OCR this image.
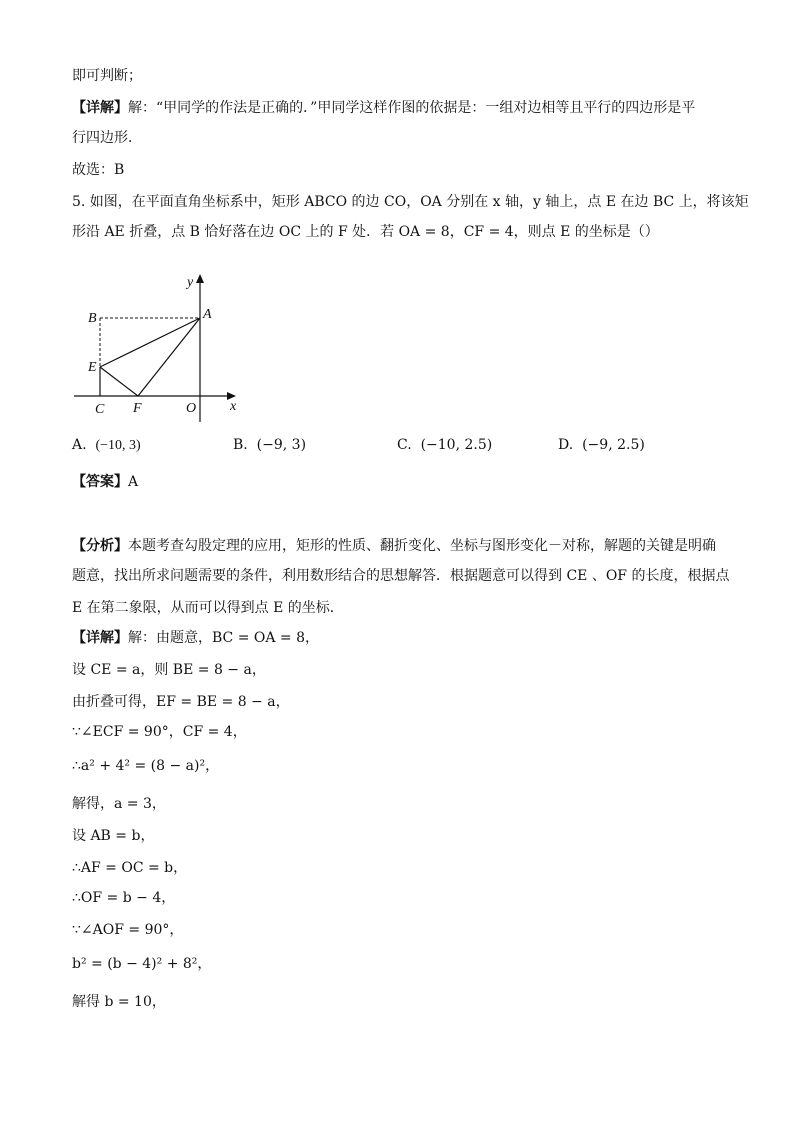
即可判断；
【详解】解：“甲同学的作法是正确的．”甲同学这样作图的依据是：一组对边相等且平行的四边形是平
行四边形．
故选：B
5. 如图，在平面直角坐标系中，矩形 ABCO 的边 CO，OA 分别在 x 轴，y 轴上，点 E 在边 BC 上，将该矩
形沿 AE 折叠，点 B 恰好落在边 OC 上的 F 处．若 OA = 8，CF = 4，则点 E 的坐标是（）
y
A
B
E
C F	O x
A. (−10, 3)	B. (−9, 3)	C. (−10, 2.5)	D. (−9, 2.5)
【答案】A
【分析】本题考查勾股定理的应用，矩形的性质、翻折变化、坐标与图形变化－对称，解题的关键是明确
题意，找出所求问题需要的条件，利用数形结合的思想解答．根据题意可以得到 CE 、OF 的长度，根据点
E 在第二象限，从而可以得到点 E 的坐标．
【详解】解：由题意，BC = OA = 8，
设 CE = a，则 BE = 8 − a，
由折叠可得，EF = BE = 8 − a，
∵∠ECF = 90°，CF = 4，
∴a² + 4² = (8 − a)²，
解得，a = 3，
设 AB = b，
∴AF = OC = b，
∴OF = b − 4，
∵∠AOF = 90°，
b² = (b − 4)² + 8²，
解得 b = 10，
